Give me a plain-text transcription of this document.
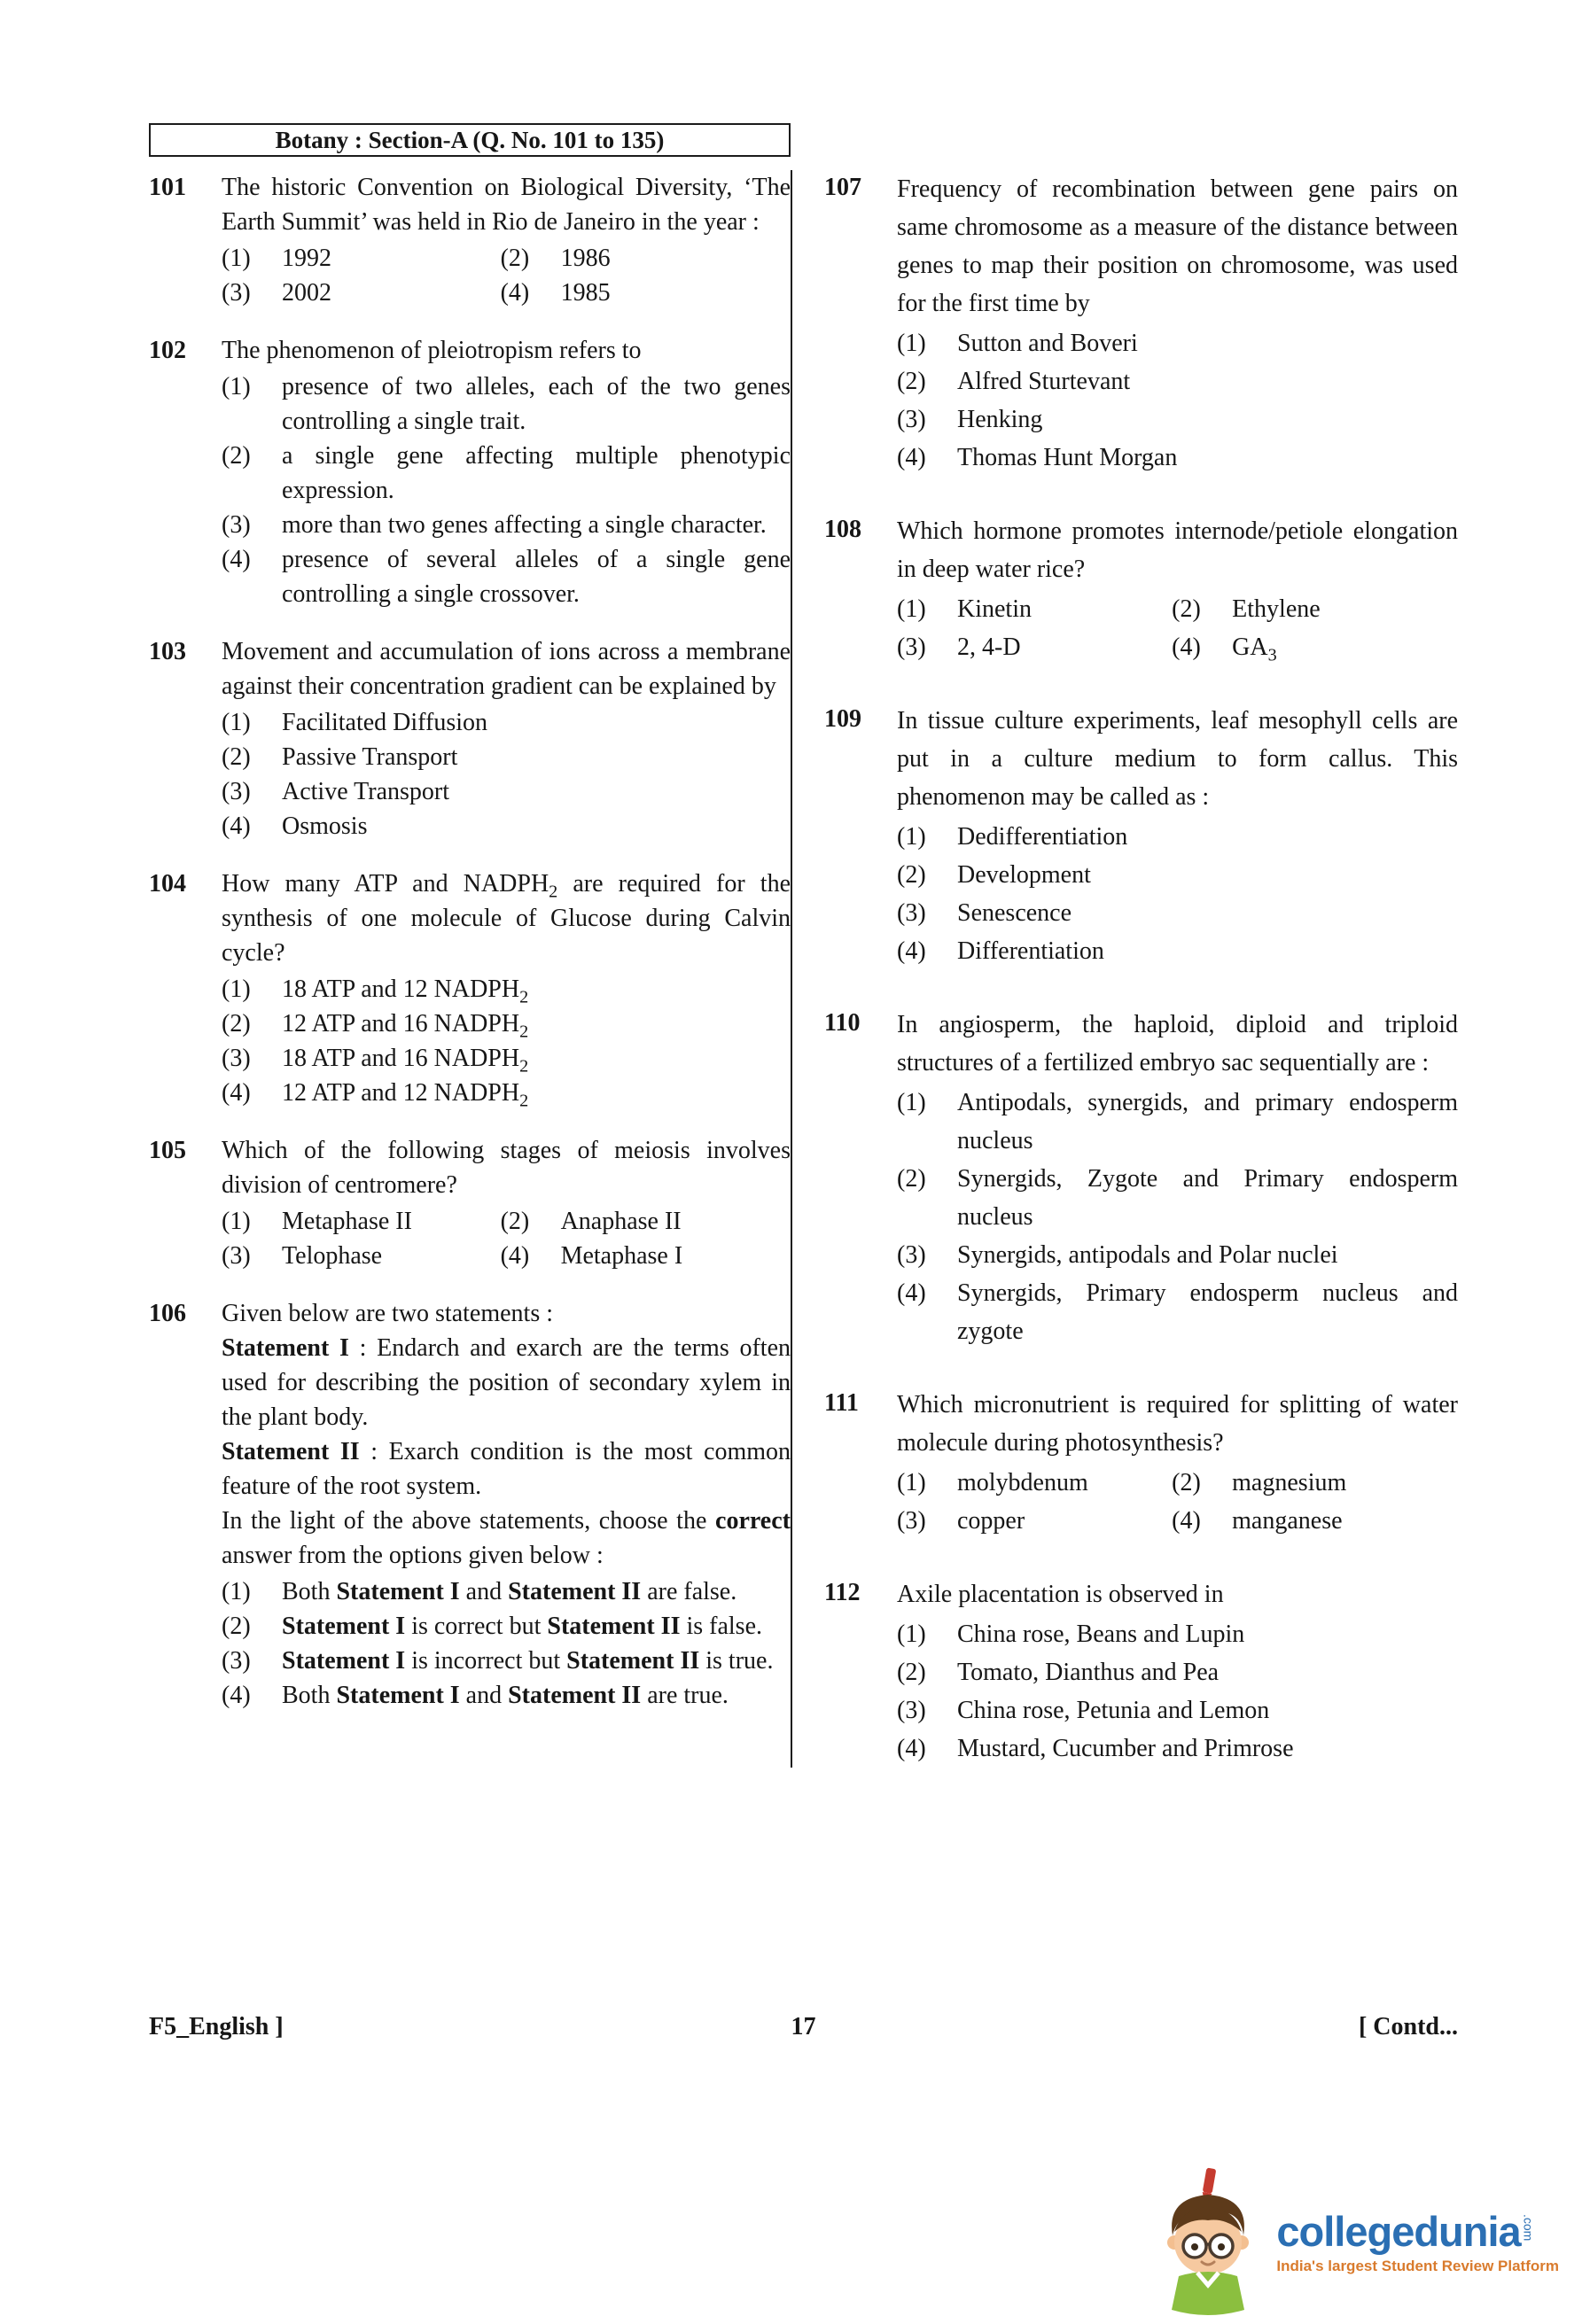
Botany : Section-A (Q. No. 101 to 135)
101	The historic Convention on Biological Diversity, ‘The Earth Summit’ was held in Rio de Janeiro in the year :
(1)	1992	(2)	1986
(3)	2002	(4)	1985
102	The phenomenon of pleiotropism refers to
(1)	presence of two alleles, each of the two genes controlling a single trait.
(2)	a single gene affecting multiple phenotypic expression.
(3)	more than two genes affecting a single character.
(4)	presence of several alleles of a single gene controlling a single crossover.
103	Movement and accumulation of ions across a membrane against their concentration gradient can be explained by
(1)	Facilitated Diffusion
(2)	Passive Transport
(3)	Active Transport
(4)	Osmosis
104	How many ATP and $NADPH_2$ are required for the synthesis of one molecule of Glucose during Calvin cycle?
(1)	18 ATP and 12 $NADPH_2$
(2)	12 ATP and 16 $NADPH_2$
(3)	18 ATP and 16 $NADPH_2$
(4)	12 ATP and 12 $NADPH_2$
105	Which of the following stages of meiosis involves division of centromere?
(1)	Metaphase II	(2)	Anaphase II
(3)	Telophase	(4)	Metaphase I
106	Given below are two statements :
Statement I : Endarch and exarch are the terms often used for describing the position of secondary xylem in the plant body.
Statement II : Exarch condition is the most common feature of the root system.
In the light of the above statements, choose the correct answer from the options given below :
(1)	Both Statement I and Statement II are false.
(2)	Statement I is correct but Statement II is false.
(3)	Statement I is incorrect but Statement II is true.
(4)	Both Statement I and Statement II are true.
107	Frequency of recombination between gene pairs on same chromosome as a measure of the distance between genes to map their position on chromosome, was used for the first time by
(1)	Sutton and Boveri
(2)	Alfred Sturtevant
(3)	Henking
(4)	Thomas Hunt Morgan
108	Which hormone promotes internode/petiole elongation in deep water rice?
(1)	Kinetin	(2)	Ethylene
(3)	2, 4-D	(4)	$GA_3$
109	In tissue culture experiments, leaf mesophyll cells are put in a culture medium to form callus. This phenomenon may be called as :
(1)	Dedifferentiation
(2)	Development
(3)	Senescence
(4)	Differentiation
110	In angiosperm, the haploid, diploid and triploid structures of a fertilized embryo sac sequentially are :
(1)	Antipodals, synergids, and primary endosperm nucleus
(2)	Synergids, Zygote and Primary endosperm nucleus
(3)	Synergids, antipodals and Polar nuclei
(4)	Synergids, Primary endosperm nucleus and zygote
111	Which micronutrient is required for splitting of water molecule during photosynthesis?
(1)	molybdenum	(2)	magnesium
(3)	copper	(4)	manganese
112	Axile placentation is observed in
(1)	China rose, Beans and Lupin
(2)	Tomato, Dianthus and Pea
(3)	China rose, Petunia and Lemon
(4)	Mustard, Cucumber and Primrose
F5_English ]	17	[ Contd...
collegedunia .com
India's largest Student Review Platform
